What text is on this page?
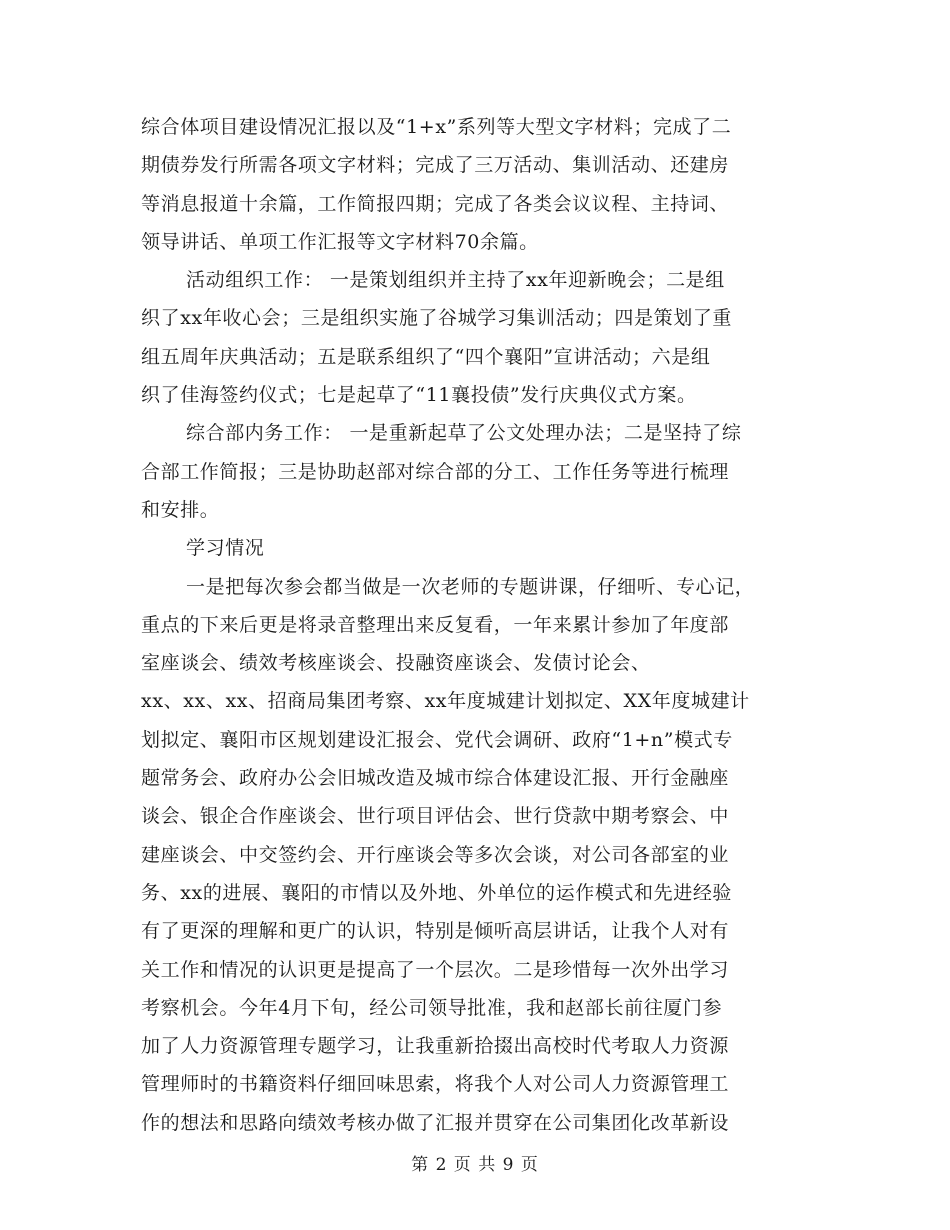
综合体项目建设情况汇报以及“1+x”系列等大型文字材料；完成了二
期债券发行所需各项文字材料；完成了三万活动、集训活动、还建房
等消息报道十余篇，工作简报四期；完成了各类会议议程、主持词、
领导讲话、单项工作汇报等文字材料70余篇。
活动组织工作： 一是策划组织并主持了xx年迎新晚会；二是组
织了xx年收心会；三是组织实施了谷城学习集训活动；四是策划了重
组五周年庆典活动；五是联系组织了“四个襄阳”宣讲活动；六是组
织了佳海签约仪式；七是起草了“11襄投债”发行庆典仪式方案。
综合部内务工作： 一是重新起草了公文处理办法；二是坚持了综
合部工作简报；三是协助赵部对综合部的分工、工作任务等进行梳理
和安排。
学习情况
一是把每次参会都当做是一次老师的专题讲课，仔细听、专心记，
重点的下来后更是将录音整理出来反复看，一年来累计参加了年度部
室座谈会、绩效考核座谈会、投融资座谈会、发债讨论会、
xx、xx、xx、招商局集团考察、xx年度城建计划拟定、XX年度城建计
划拟定、襄阳市区规划建设汇报会、党代会调研、政府“1+n”模式专
题常务会、政府办公会旧城改造及城市综合体建设汇报、开行金融座
谈会、银企合作座谈会、世行项目评估会、世行贷款中期考察会、中
建座谈会、中交签约会、开行座谈会等多次会谈，对公司各部室的业
务、xx的进展、襄阳的市情以及外地、外单位的运作模式和先进经验
有了更深的理解和更广的认识，特别是倾听高层讲话，让我个人对有
关工作和情况的认识更是提高了一个层次。二是珍惜每一次外出学习
考察机会。今年4月下旬，经公司领导批准，我和赵部长前往厦门参
加了人力资源管理专题学习，让我重新拾掇出高校时代考取人力资源
管理师时的书籍资料仔细回味思索，将我个人对公司人力资源管理工
作的想法和思路向绩效考核办做了汇报并贯穿在公司集团化改革新设
第 2 页 共 9 页
